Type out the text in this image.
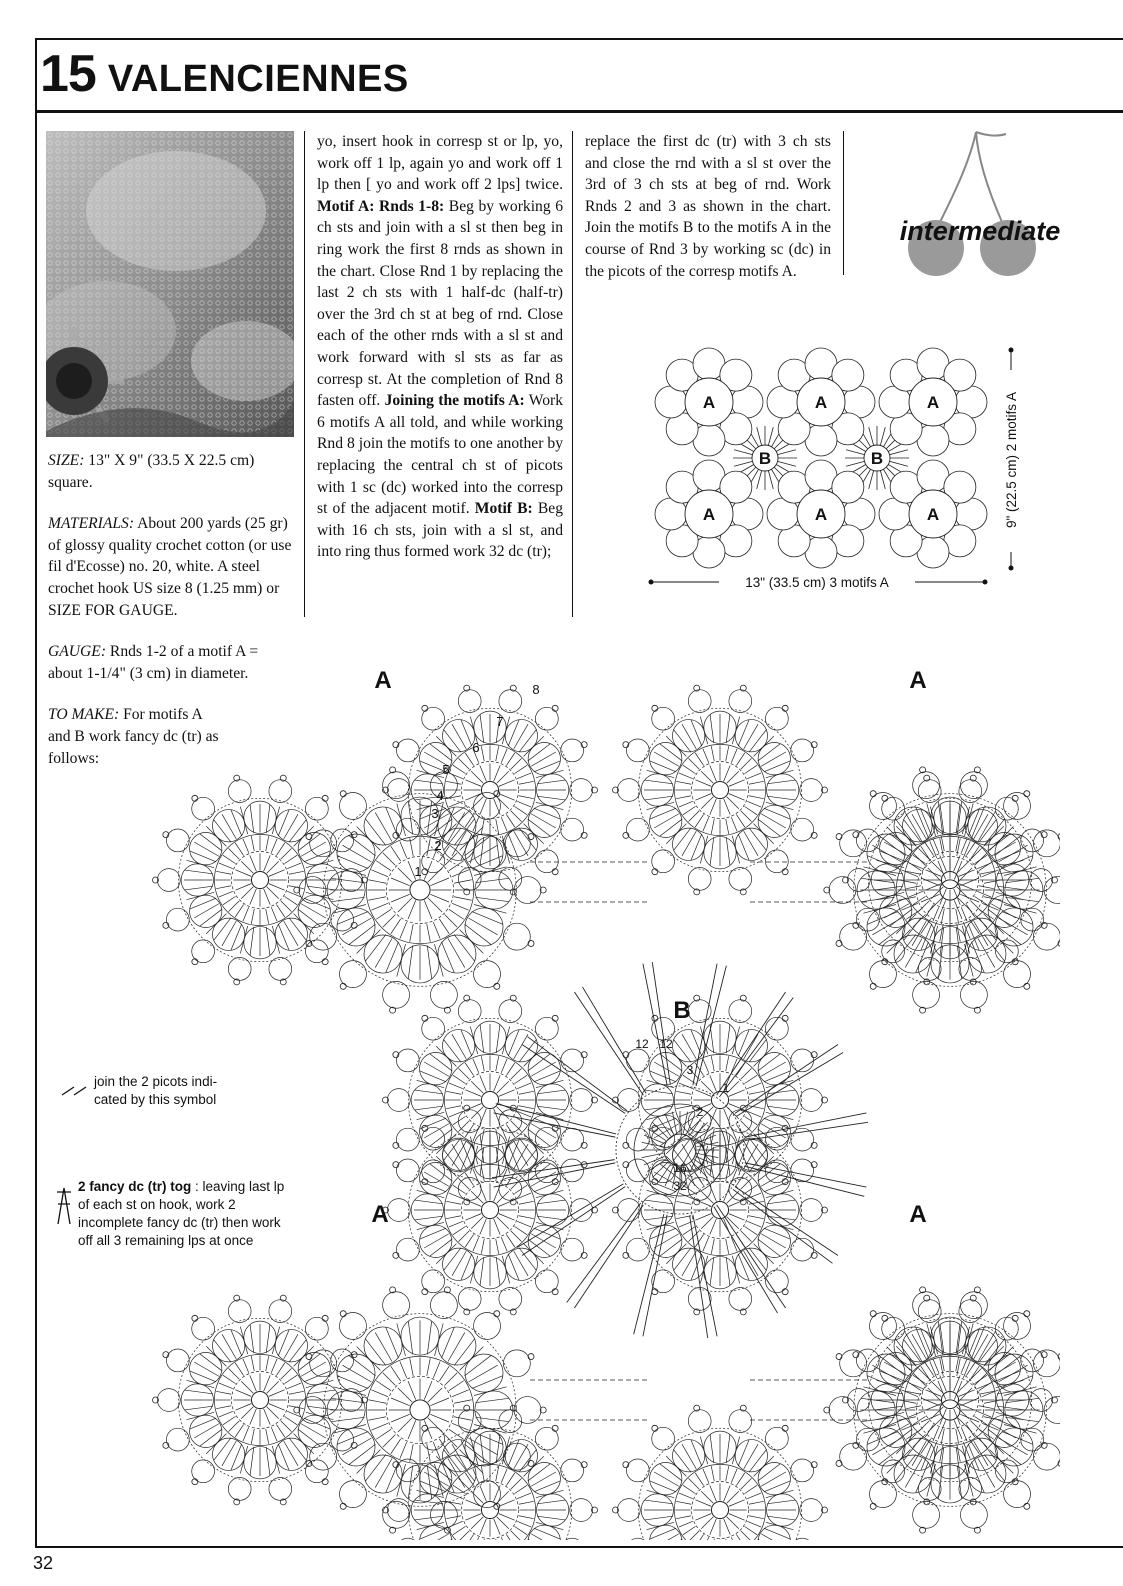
15 VALENCIENNES

SIZE: 13" X 9" (33.5 X 22.5 cm) square.

MATERIALS: About 200 yards (25 gr) of glossy quality crochet cotton (or use fil d'Ecosse) no. 20, white. A steel crochet hook US size 8 (1.25 mm) or SIZE FOR GAUGE.

GAUGE: Rnds 1-2 of a motif A = about 1-1/4" (3 cm) in diameter.

TO MAKE: For motifs A and B work fancy dc (tr) as follows:

yo, insert hook in corresp st or lp, yo, work off 1 lp, again yo and work off 1 lp then [ yo and work off 2 lps] twice. Motif A: Rnds 1-8: Beg by working 6 ch sts and join with a sl st then beg in ring work the first 8 rnds as shown in the chart. Close Rnd 1 by replacing the last 2 ch sts with 1 half-dc (half-tr) over the 3rd ch st at beg of rnd. Close each of the other rnds with a sl st and work forward with sl sts as far as corresp st. At the completion of Rnd 8 fasten off. Joining the motifs A: Work 6 motifs A all told, and while working Rnd 8 join the motifs to one another by replacing the central ch st of picots with 1 sc (dc) worked into the corresp st of the adjacent motif. Motif B: Beg with 16 ch sts, join with a sl st, and into ring thus formed work 32 dc (tr);
replace the first dc (tr) with 3 ch sts and close the rnd with a sl st over the 3rd of 3 ch sts at beg of rnd. Work Rnds 2 and 3 as shown in the chart. Join the motifs B to the motifs A in the course of Rnd 3 by working sc (dc) in the picots of the corresp motifs A.
intermediate
B	B
A
A
A
A
A
A
13" (33.5 cm) 3 motifs A
9" (22.5 cm) 2 motifs A
A	A
A	A
1
2
3
4
5
6
7
8
B
1
2
3
12 12
16
32
join the 2 picots indi-
cated by this symbol
2 fancy dc (tr) tog : leaving last lp of each st on hook, work 2 incomplete fancy dc (tr) then work off all 3 remaining lps at once
32
